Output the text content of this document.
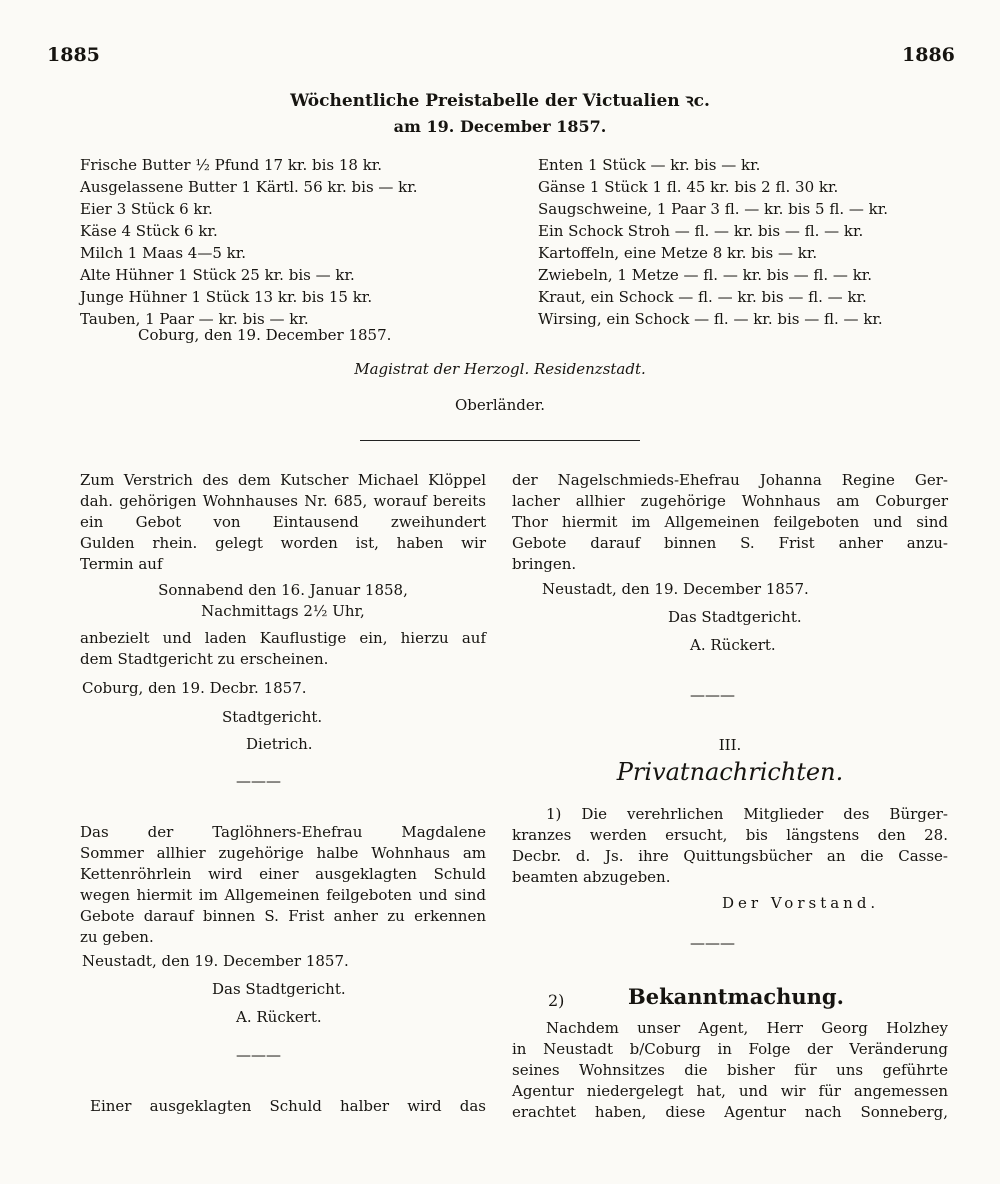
1885	1886
Wöchentliche Preistabelle der Victualien ꝛc.
am 19. December 1857.
Frische Butter ½ Pfund 17 kr. bis 18 kr.
Ausgelassene Butter 1 Kärtl. 56 kr. bis — kr.
Eier 3 Stück 6 kr.
Käse 4 Stück 6 kr.
Milch 1 Maas 4—5 kr.
Alte Hühner 1 Stück 25 kr. bis — kr.
Junge Hühner 1 Stück 13 kr. bis 15 kr.
Tauben, 1 Paar — kr. bis — kr.
Enten 1 Stück — kr. bis — kr.
Gänse 1 Stück 1 fl. 45 kr. bis 2 fl. 30 kr.
Saugschweine, 1 Paar 3 fl. — kr. bis 5 fl. — kr.
Ein Schock Stroh — fl. — kr. bis — fl. — kr.
Kartoffeln, eine Metze 8 kr. bis — kr.
Zwiebeln, 1 Metze — fl. — kr. bis — fl. — kr.
Kraut, ein Schock — fl. — kr. bis — fl. — kr.
Wirsing, ein Schock — fl. — kr. bis — fl. — kr.
Coburg, den 19. December 1857.
Magistrat der Herzogl. Residenzstadt.
Oberländer.
Zum Verstrich des dem Kutscher Michael Klöppel
dah. gehörigen Wohnhauses Nr. 685, worauf bereits
ein Gebot von Eintausend zweihundert
Gulden rhein. gelegt worden ist, haben wir
Termin auf
Sonnabend den 16. Januar 1858,
Nachmittags 2½ Uhr,
anbezielt und laden Kauflustige ein, hierzu auf
dem Stadtgericht zu erscheinen.
Coburg, den 19. Decbr. 1857.
Stadtgericht.
Dietrich.
———
Das der Taglöhners-Ehefrau Magdalene
Sommer allhier zugehörige halbe Wohnhaus am
Kettenröhrlein wird einer ausgeklagten Schuld
wegen hiermit im Allgemeinen feilgeboten und sind
Gebote darauf binnen S. Frist anher zu erkennen
zu geben.
Neustadt, den 19. December 1857.
Das Stadtgericht.
A. Rückert.
———
Einer ausgeklagten Schuld halber wird das
der Nagelschmieds-Ehefrau Johanna Regine Ger-
lacher allhier zugehörige Wohnhaus am Coburger
Thor hiermit im Allgemeinen feilgeboten und sind
Gebote darauf binnen S. Frist anher anzu-
bringen.
Neustadt, den 19. December 1857.
Das Stadtgericht.
A. Rückert.
———
III.
Privatnachrichten.
1) Die verehrlichen Mitglieder des Bürger-
kranzes werden ersucht, bis längstens den 28.
Decbr. d. Js. ihre Quittungsbücher an die Casse-
beamten abzugeben.
Der Vorstand.
———
2)	Bekanntmachung.
Nachdem unser Agent, Herr Georg Holzhey
in Neustadt b/Coburg in Folge der Veränderung
seines Wohnsitzes die bisher für uns geführte
Agentur niedergelegt hat, und wir für angemessen
erachtet haben, diese Agentur nach Sonneberg,
